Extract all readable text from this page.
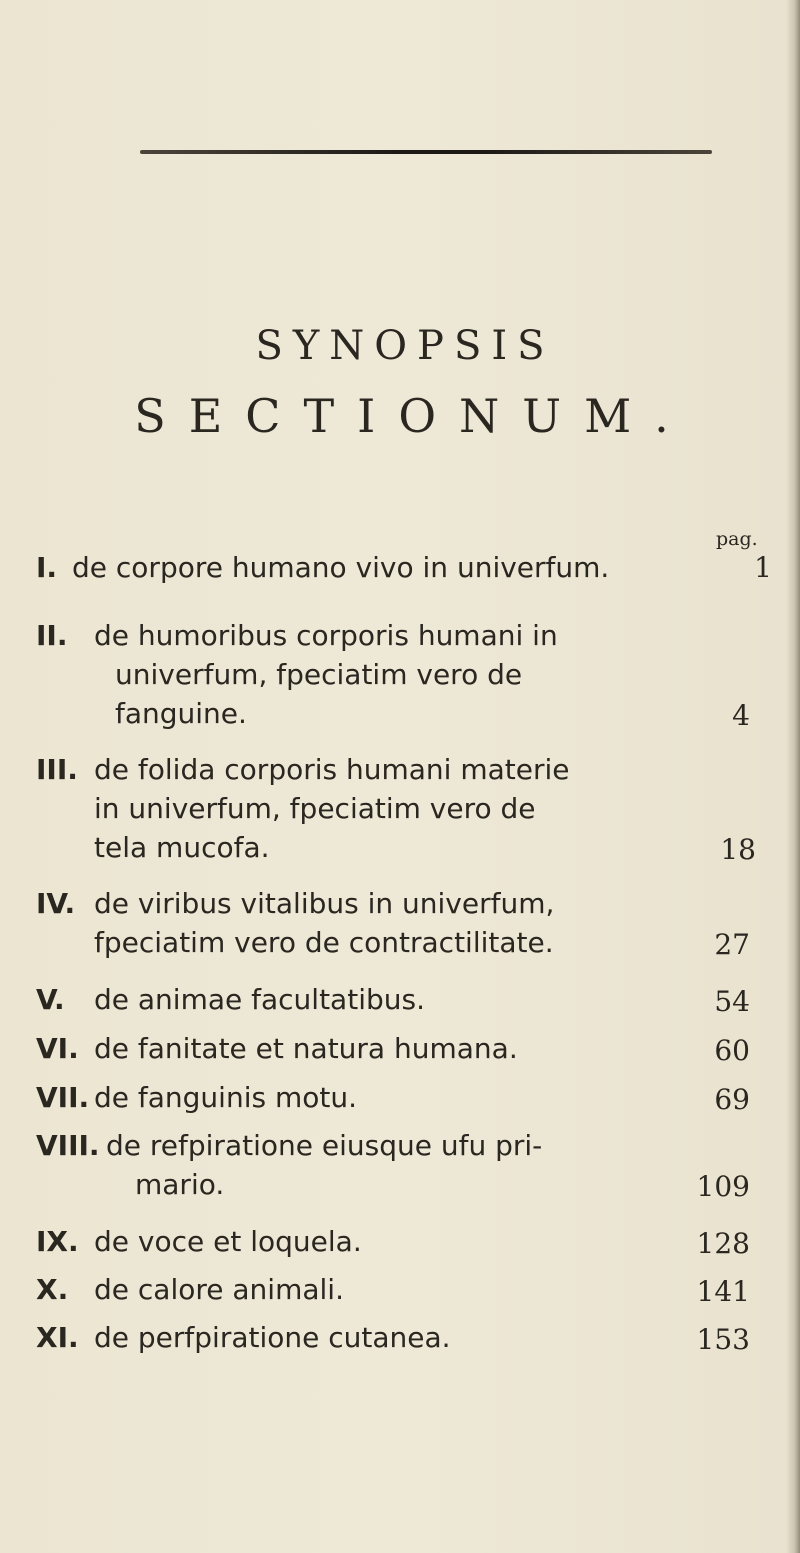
SYNOPSIS
SECTIONUM.
pag.
I. de corpore humano vivo in univerfum.	1
II. de humoribus corporis humani in
univerfum, fpeciatim vero de
fanguine.	4
III. de folida corporis humani materie
in univerfum, fpeciatim vero de
tela mucofa.	18
IV. de viribus vitalibus in univerfum,
fpeciatim vero de contractilitate.	27
V. de animae facultatibus.	54
VI. de fanitate et natura humana.	60
VII. de fanguinis motu.	69
VIII. de refpiratione eiusque ufu pri-
mario.	109
IX. de voce et loquela.	128
X. de calore animali.	141
XI. de perfpiratione cutanea.	153
